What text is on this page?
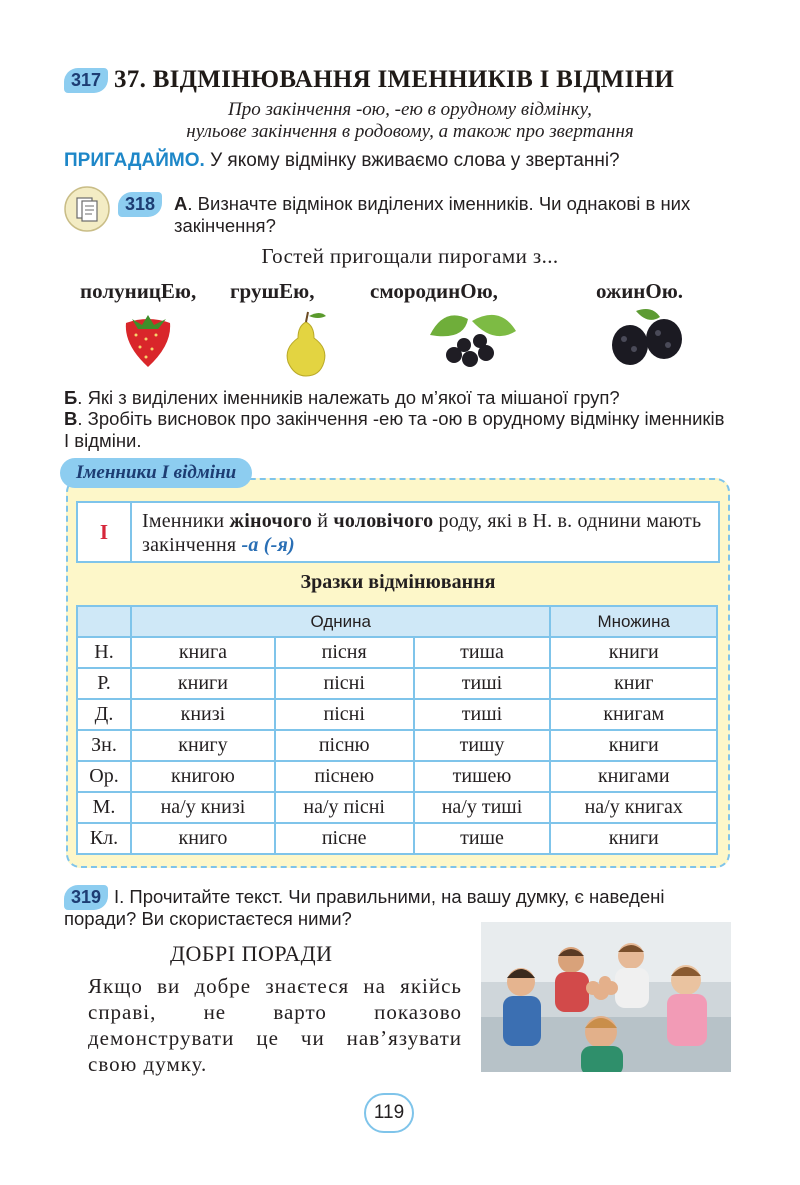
317 37. ВІДМІНЮВАННЯ ІМЕННИКІВ І ВІДМІНИ
Про закінчення -ою, -ею в орудному відмінку,
нульове закінчення в родовому, а також про звертання
ПРИГАДАЙМО. У якому відмінку вживаємо слова у звертанні?
318	А. Визначте відмінок виділених іменників. Чи однакові в них закінчення?
Гостей пригощали пирогами з...
полуницЕю, грушЕю,	смородинОю,	ожинОю.
Б. Які з виділених іменників належать до м’якої та мішаної груп?
В. Зробіть висновок про закінчення -ею та -ою в орудному відмінку іменників І відміни.
Іменники І відміни
І	Іменники жіночого й чоловічого роду, які в Н. в. однини мають закінчення -а (-я)
Зразки відмінювання
	Однина			Множина
Н.	книга	пісня	тиша	книги
Р.	книги	пісні	тиші	книг
Д.	книзі	пісні	тиші	книгам
Зн.	книгу	пісню	тишу	книги
Ор.	книгою	піснею	тишею	книгами
М.	на/у книзі	на/у пісні	на/у тиші	на/у книгах
Кл.	книго	пісне	тише	книги
319 І. Прочитайте текст. Чи правильними, на вашу думку, є наведені поради? Ви скористаєтеся ними?
ДОБРІ ПОРАДИ
Якщо ви добре знаєтеся на якійсь справі, не варто показово демонструвати це чи нав’язувати свою думку.
119
